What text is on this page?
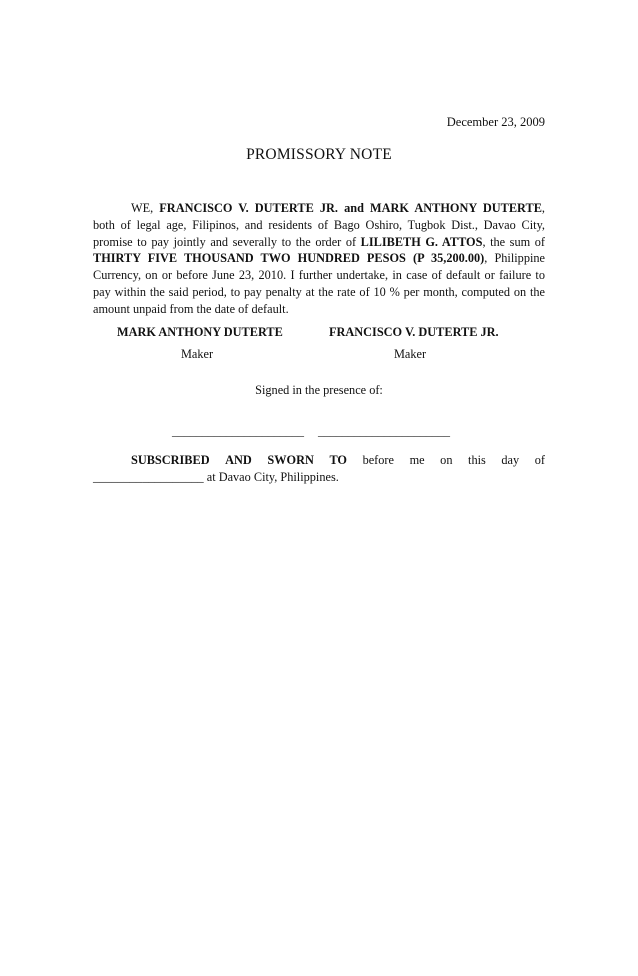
December 23, 2009
PROMISSORY NOTE
WE, FRANCISCO V. DUTERTE JR. and MARK ANTHONY DUTERTE, both of legal age, Filipinos, and residents of Bago Oshiro, Tugbok Dist., Davao City, promise to pay jointly and severally to the order of LILIBETH G. ATTOS, the sum of THIRTY FIVE THOUSAND TWO HUNDRED PESOS (P 35,200.00), Philippine Currency, on or before June 23, 2010. I further undertake, in case of default or failure to pay within the said period, to pay penalty at the rate of 10 % per month, computed on the amount unpaid from the date of default.
MARK ANTHONY DUTERTE
Maker
FRANCISCO V. DUTERTE JR.
Maker
Signed in the presence of:
______________________ ______________________
SUBSCRIBED AND SWORN TO before me on this day of
__________________ at Davao City, Philippines.
